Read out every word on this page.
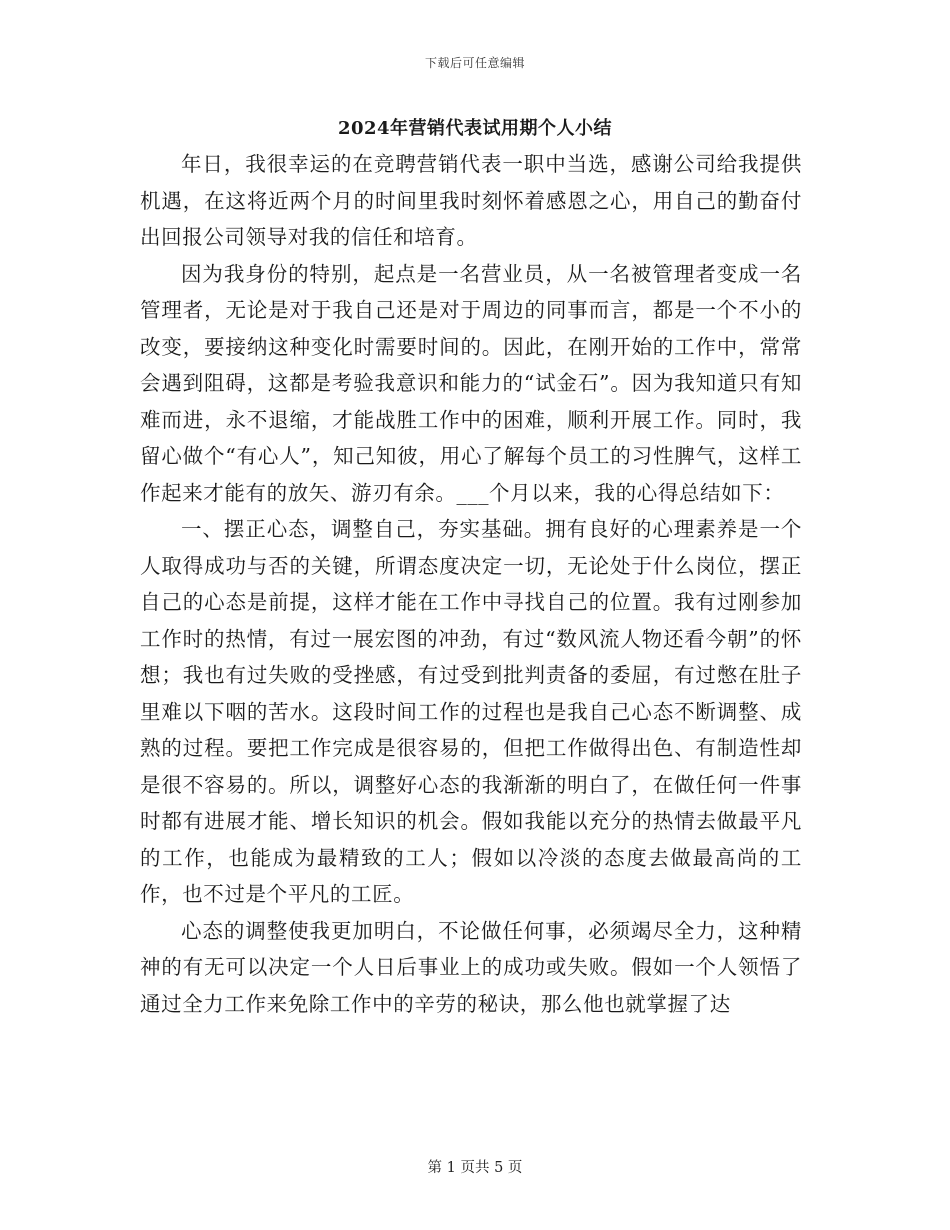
下载后可任意编辑
2024年营销代表试用期个人小结

年日，我很幸运的在竞聘营销代表一职中当选，感谢公司给我提供机遇，在这将近两个月的时间里我时刻怀着感恩之心，用自己的勤奋付出回报公司领导对我的信任和培育。

因为我身份的特别，起点是一名营业员，从一名被管理者变成一名管理者，无论是对于我自己还是对于周边的同事而言，都是一个不小的改变，要接纳这种变化时需要时间的。因此，在刚开始的工作中，常常会遇到阻碍，这都是考验我意识和能力的“试金石”。因为我知道只有知难而进，永不退缩，才能战胜工作中的困难，顺利开展工作。同时，我留心做个“有心人”，知己知彼，用心了解每个员工的习性脾气，这样工作起来才能有的放矢、游刃有余。___个月以来，我的心得总结如下：

一、摆正心态，调整自己，夯实基础。拥有良好的心理素养是一个人取得成功与否的关键，所谓态度决定一切，无论处于什么岗位，摆正自己的心态是前提，这样才能在工作中寻找自己的位置。我有过刚参加工作时的热情，有过一展宏图的冲劲，有过“数风流人物还看今朝”的怀想；我也有过失败的受挫感，有过受到批判责备的委屈，有过憋在肚子里难以下咽的苦水。这段时间工作的过程也是我自己心态不断调整、成熟的过程。要把工作完成是很容易的，但把工作做得出色、有制造性却是很不容易的。所以，调整好心态的我渐渐的明白了，在做任何一件事时都有进展才能、增长知识的机会。假如我能以充分的热情去做最平凡的工作，也能成为最精致的工人；假如以冷淡的态度去做最高尚的工作，也不过是个平凡的工匠。

心态的调整使我更加明白，不论做任何事，必须竭尽全力，这种精神的有无可以决定一个人日后事业上的成功或失败。假如一个人领悟了通过全力工作来免除工作中的辛劳的秘诀，那么他也就掌握了达

第 1 页共 5 页
